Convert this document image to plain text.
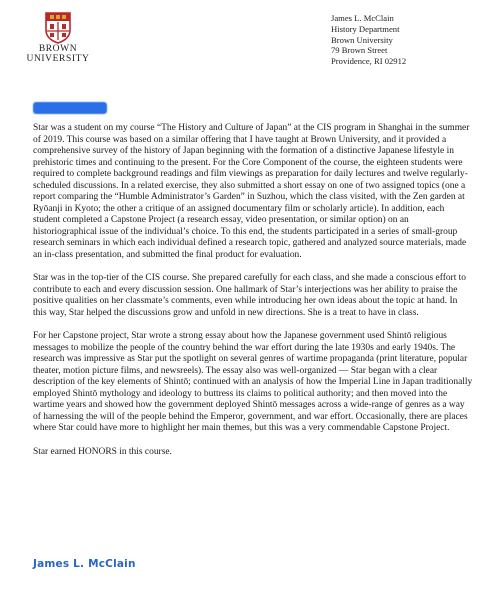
BROWN
UNIVERSITY
James L. McClain
History Department
Brown University
79 Brown Street
Providence, RI 02912

Star was a student on my course “The History and Culture of Japan” at the CIS program in Shanghai in the summer of 2019. This course was based on a similar offering that I have taught at Brown University, and it provided a comprehensive survey of the history of Japan beginning with the formation of a distinctive Japanese lifestyle in prehistoric times and continuing to the present. For the Core Component of the course, the eighteen students were required to complete background readings and film viewings as preparation for daily lectures and twelve regularly-scheduled discussions. In a related exercise, they also submitted a short essay on one of two assigned topics (one a report comparing the “Humble Administrator’s Garden” in Suzhou, which the class visited, with the Zen garden at Ryōanji in Kyoto; the other a critique of an assigned documentary film or scholarly article). In addition, each student completed a Capstone Project (a research essay, video presentation, or similar option) on an historiographical issue of the individual’s choice. To this end, the students participated in a series of small-group research seminars in which each individual defined a research topic, gathered and analyzed source materials, made an in-class presentation, and submitted the final product for evaluation.

Star was in the top-tier of the CIS course. She prepared carefully for each class, and she made a conscious effort to contribute to each and every discussion session. One hallmark of Star’s interjections was her ability to praise the positive qualities on her classmate’s comments, even while introducing her own ideas about the topic at hand. In this way, Star helped the discussions grow and unfold in new directions. She is a treat to have in class.

For her Capstone project, Star wrote a strong essay about how the Japanese government used Shintō religious messages to mobilize the people of the country behind the war effort during the late 1930s and early 1940s. The research was impressive as Star put the spotlight on several genres of wartime propaganda (print literature, popular theater, motion picture films, and newsreels). The essay also was well-organized — Star began with a clear description of the key elements of Shintō; continued with an analysis of how the Imperial Line in Japan traditionally employed Shintō mythology and ideology to buttress its claims to political authority; and then moved into the wartime years and showed how the government deployed Shintō messages across a wide-range of genres as a way of harnessing the will of the people behind the Emperor, government, and war effort. Occasionally, there are places where Star could have more to highlight her main themes, but this was a very commendable Capstone Project.

Star earned HONORS in this course.

James L. McClain
